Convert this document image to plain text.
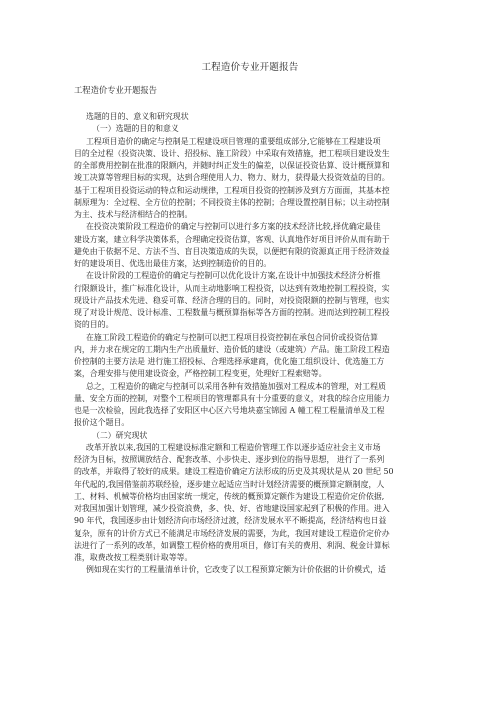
工程造价专业开题报告
工程造价专业开题报告
选题的目的、意义和研究现状
（一）选题的目的和意义
工程项目造价的确定与控制是工程建设项目管理的重要组成部分,它能够在工程建设项
目的全过程（投资决策、设计、招投标、施工阶段）中采取有效措施，把工程项目建设发生
的全部费用控制在批准的限额内，并随时纠正发生的偏差，以保证投资估算、设计概预算和
竣工决算等管理目标的实现，达到合理使用人力、物力、财力，获得最大投资效益的目的。
基于工程项目投资运动的特点和运动规律，工程项目投资的控制涉及到方方面面，其基本控
制原理为：全过程、全方位的控制；不同投资主体的控制；合理设置控制目标；以主动控制
为主、技术与经济相结合的控制。
在投资决策阶段工程造价的确定与控制可以进行多方案的技术经济比较,择优确定最佳
建设方案，建立科学决策体系，合理确定投资估算，客观、认真地作好项目评价从而有助于
避免由于依据不足、方法不当、盲目决策造成的失误，以便把有限的资源真正用于经济效益
好的建设项目、优选出最佳方案，达到控制造价的目的。
在设计阶段的工程造价的确定与控制可以优化设计方案,在设计中加强技术经济分析推
行限额设计，推广标准化设计，从而主动地影响工程投资，以达到有效地控制工程投资，实
现设计产品技术先进、稳妥可靠、经济合理的目的。同时，对投资限额的控制与管理，也实
现了对设计规范、设计标准、工程数量与概预算指标等各方面的控制。进而达到控制工程投
资的目的。
在施工阶段工程造价的确定与控制可以把工程项目投资控制在承包合同价或投资估算
内，并力求在规定的工期内生产出质量好、造价低的建设（或建筑）产品。施工阶段工程造
价控制的主要方法是 进行施工招投标、合理选择承建商，优化施工组织设计、优选施工方
案，合理安排与使用建设资金，严格控制工程变更，处理好工程索赔等。
总之，工程造价的确定与控制可以采用各种有效措施加强对工程成本的管理，对工程质
量、安全方面的控制，对整个工程项目的管理都具有十分重要的意义，对我的综合应用能力
也是一次检验，因此我选择了安阳区中心区六号地块嘉宝锦园 A 幢工程工程量清单及工程
报价这个题目。
（二）研究现状
改革开放以来,我国的工程建设标准定额和工程造价管理工作以逐步适应社会主义市场
经济为目标，按照调放结合、配套改革、小步快走、逐步到位的指导思想， 进行了一系列
的改革，并取得了较好的成果。建设工程造价确定方法形成的历史及其现状是从 20 世纪 50
年代起的,我国借鉴前苏联经验，逐步建立起适应当时计划经济需要的概预算定额制度，人
工、材料、机械等价格均由国家统一规定，传统的概预算定额作为建设工程造价定价依据,
对我国加强计划管理，减少投资浪费，多、快、好、省地建设国家起到了积极的作用。进入
90 年代，我国逐步由计划经济向市场经济过渡，经济发展水平不断提高，经济结构也日益
复杂，原有的计价方式已不能满足市场经济发展的需要，为此，我国对建设工程造价定价办
法进行了一系列的改革，如调整工程价格的费用项目，修订有关的费用、利润、税金计算标
准，取费改按工程类别计取等等。
例如现在实行的工程量清单计价，它改变了以工程预算定额为计价依据的计价模式，适
